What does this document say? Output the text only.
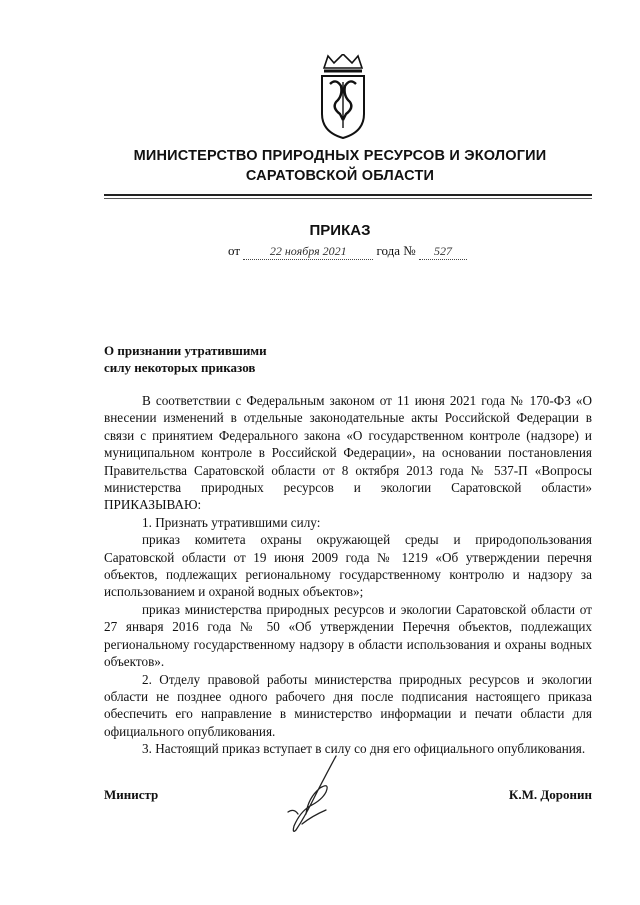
МИНИСТЕРСТВО ПРИРОДНЫХ РЕСУРСОВ И ЭКОЛОГИИ
САРАТОВСКОЙ ОБЛАСТИ
ПРИКАЗ
от 22 ноября 2021 года № 527
О признании утратившими
силу некоторых приказов

В соответствии с Федеральным законом от 11 июня 2021 года № 170-ФЗ «О внесении изменений в отдельные законодательные акты Российской Федерации в связи с принятием Федерального закона «О государственном контроле (надзоре) и муниципальном контроле в Российской Федерации», на основании постановления Правительства Саратовской области от 8 октября 2013 года № 537-П «Вопросы министерства природных ресурсов и экологии Саратовской области» ПРИКАЗЫВАЮ:

1. Признать утратившими силу:

приказ комитета охраны окружающей среды и природопользования Саратовской области от 19 июня 2009 года № 1219 «Об утверждении перечня объектов, подлежащих региональному государственному контролю и надзору за использованием и охраной водных объектов»;

приказ министерства природных ресурсов и экологии Саратовской области от 27 января 2016 года № 50 «Об утверждении Перечня объектов, подлежащих региональному государственному надзору в области использования и охраны водных объектов».

2. Отделу правовой работы министерства природных ресурсов и экологии области не позднее одного рабочего дня после подписания настоящего приказа обеспечить его направление в министерство информации и печати области для официального опубликования.

3. Настоящий приказ вступает в силу со дня его официального опубликования.

Министр	К.М. Доронин
